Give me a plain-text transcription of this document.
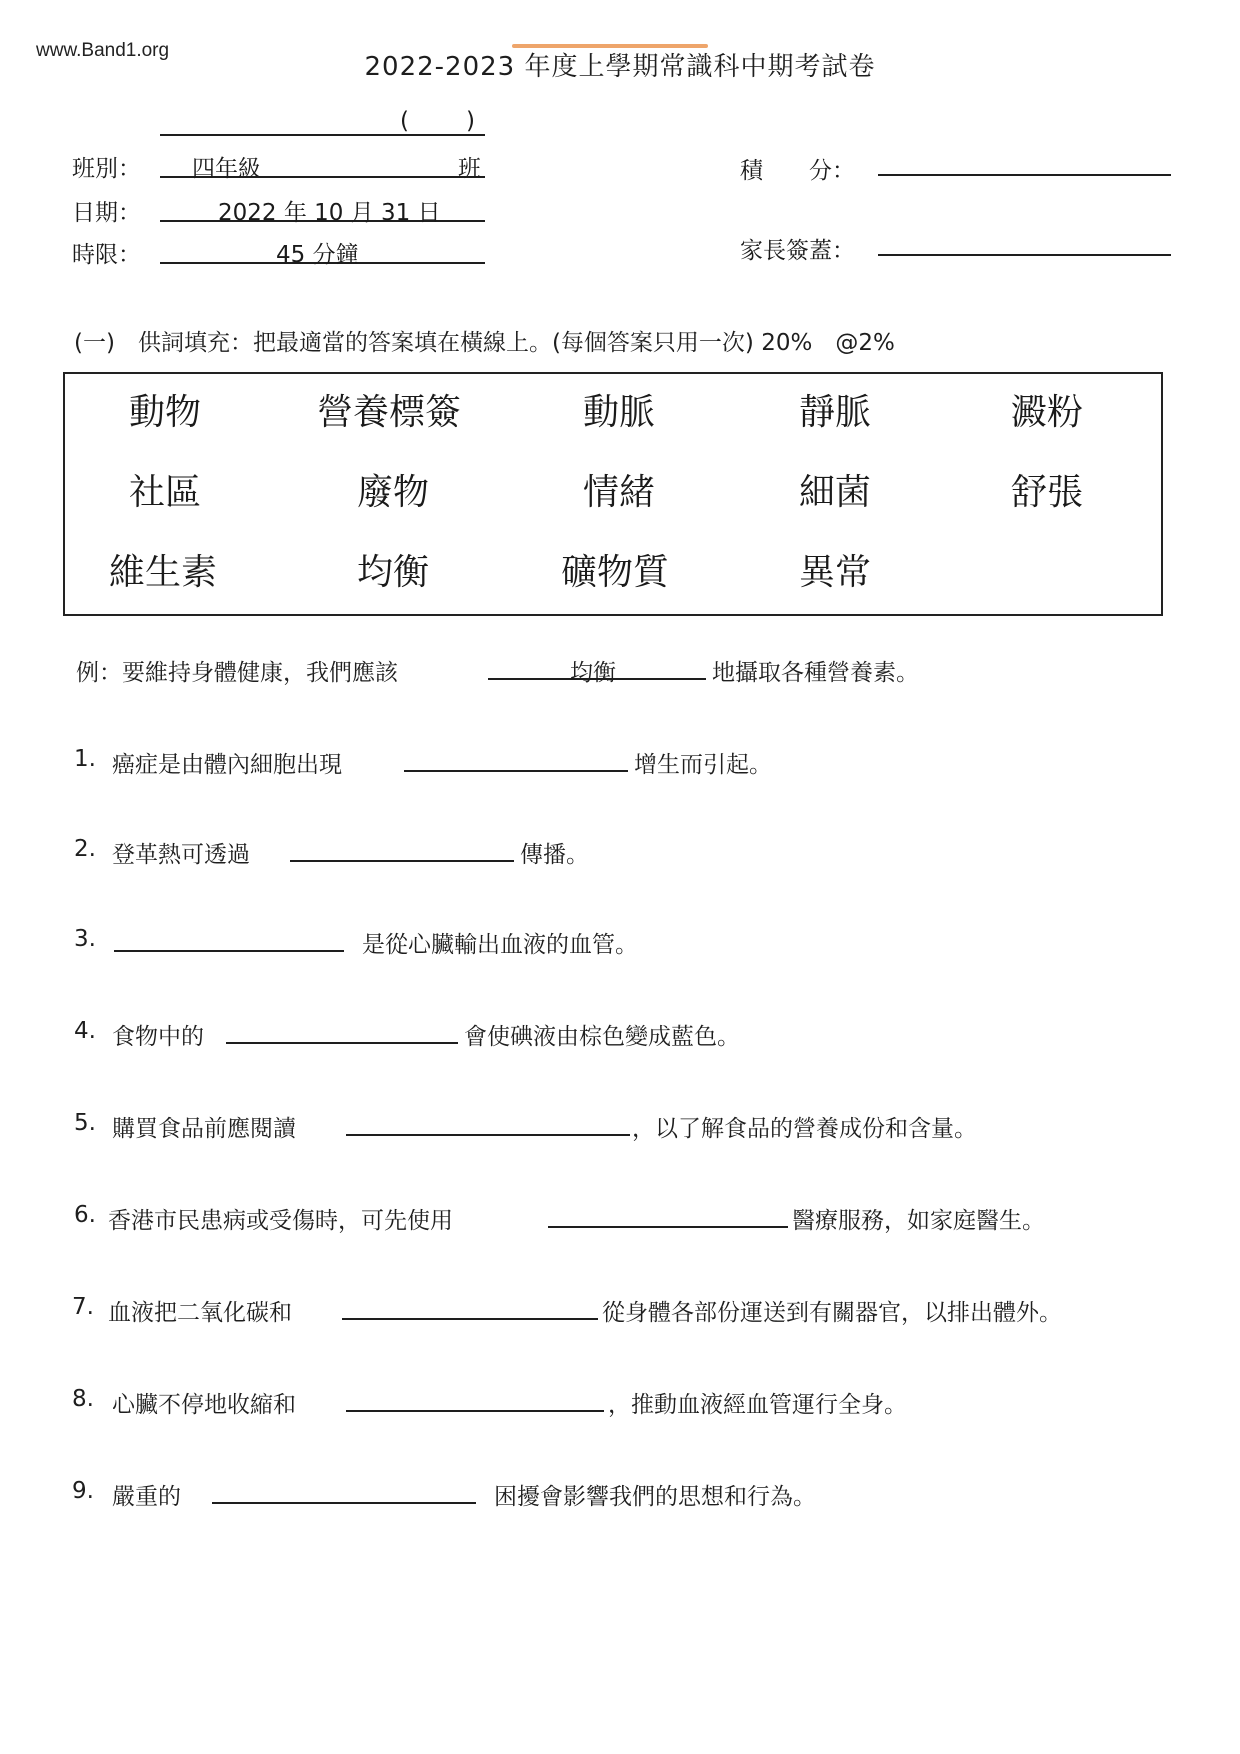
www.Band1.org
2022-2023 年度上學期常識科中期考試卷
( )
班別： 四年級	班
日期：	2022 年 10 月 31 日
時限：	45 分鐘
積　　分：
家長簽蓋：
(一)　供詞填充：把最適當的答案填在橫線上。(每個答案只用一次) 20%　@2%
動物	營養標簽	動脈	靜脈	澱粉
社區	廢物	情緒	細菌	舒張
維生素	均衡	礦物質	異常
例：要維持身體健康，我們應該	均衡	地攝取各種營養素。
1. 癌症是由體內細胞出現	增生而引起。
2. 登革熱可透過	傳播。
3.	是從心臟輸出血液的血管。
4. 食物中的	會使碘液由棕色變成藍色。
5. 購買食品前應閱讀	，以了解食品的營養成份和含量。
6. 香港市民患病或受傷時，可先使用	醫療服務，如家庭醫生。
7. 血液把二氧化碳和	從身體各部份運送到有關器官，以排出體外。
8. 心臟不停地收縮和	，推動血液經血管運行全身。
9. 嚴重的	困擾會影響我們的思想和行為。
